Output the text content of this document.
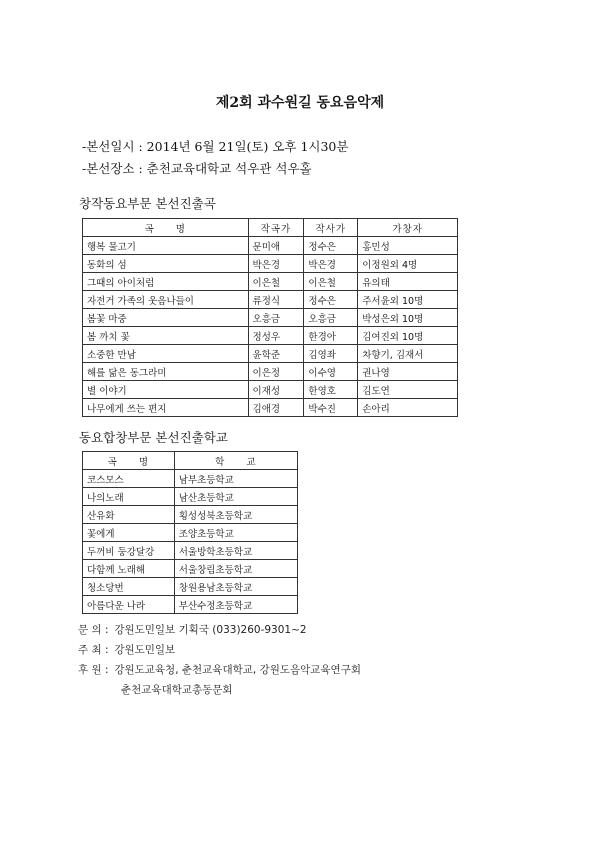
제2회 과수원길 동요음악제
-본선일시 : 2014년 6월 21일(토) 오후 1시30분
-본선장소 : 춘천교육대학교 석우관 석우홀
창작동요부문 본선진출곡
곡　　명	작곡가	작사가	가창자
행복 물고기	문미애	정수은	홍민성
동화의 섬	박은경	박은경	이정원외 4명
그때의 아이처럼	이은철	이은철	유의태
자전거 가족의 웃음나들이	류정식	정수은	주서윤외 10명
봄꽃 마중	오흥금	오흥금	박성은외 10명
봄 까치 꽃	정성우	한경아	김여진외 10명
소중한 만남	윤학준	김영좌	차향기, 김재서
해를 닮은 동그라미	이은정	이수영	권나영
별 이야기	이재성	한영호	김도연
나무에게 쓰는 편지	김애경	박수진	손아리
동요합창부문 본선진출학교
곡　　명	학　　교
코스모스	남부초등학교
나의노래	남산초등학교
산유화	횡성성북초등학교
꽃에게	조양초등학교
두꺼비 둥강달강	서울방학초등학교
다함께 노래해	서울창림초등학교
청소당번	창원용남초등학교
아름다운 나라	부산수정초등학교
문 의 : 강원도민일보 기획국 (033)260-9301~2
주 최 : 강원도민일보
후 원 : 강원도교육청, 춘천교육대학교, 강원도음악교육연구회
춘천교육대학교총동문회
